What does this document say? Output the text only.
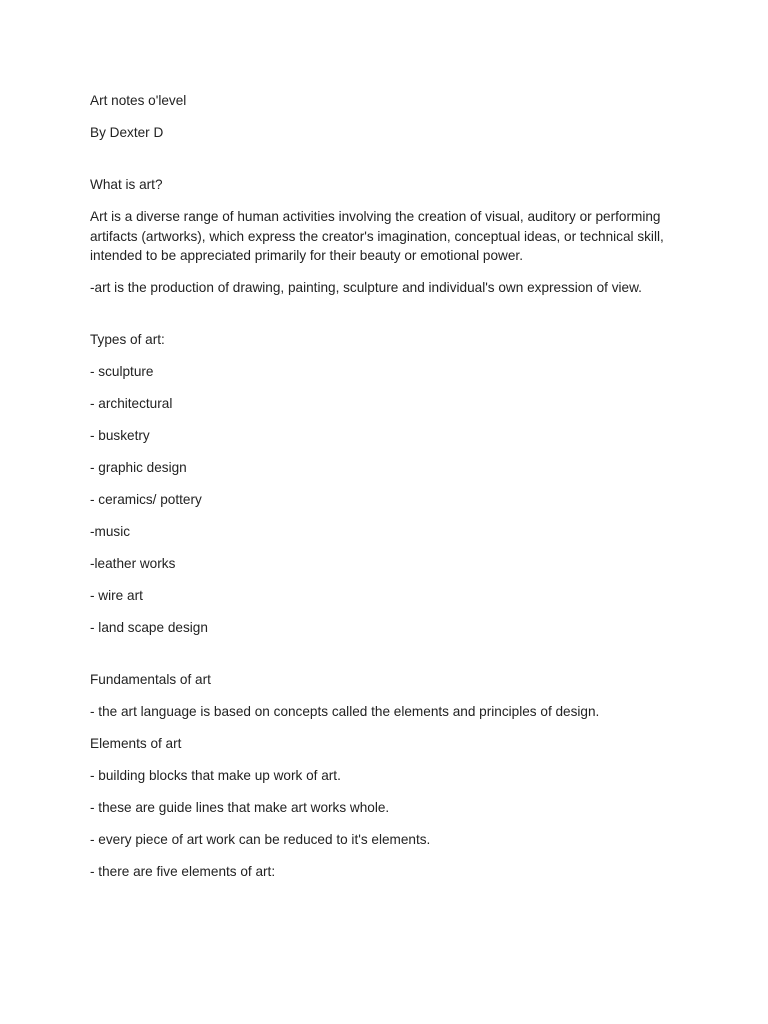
Art notes o'level

By Dexter D

What is art?

Art is a diverse range of human activities involving the creation of visual, auditory or performing artifacts (artworks), which express the creator's imagination, conceptual ideas, or technical skill, intended to be appreciated primarily for their beauty or emotional power.

-art is the production of drawing, painting, sculpture and individual's own expression of view.

Types of art:

- sculpture

- architectural

- busketry

- graphic design

- ceramics/ pottery

-music

-leather works

- wire art

- land scape design

Fundamentals of art

- the art language is based on concepts called the elements and principles of design.

Elements of art

- building blocks that make up work of art.

- these are guide lines that make art works whole.

- every piece of art work can be reduced to it's elements.

- there are five elements of art:
